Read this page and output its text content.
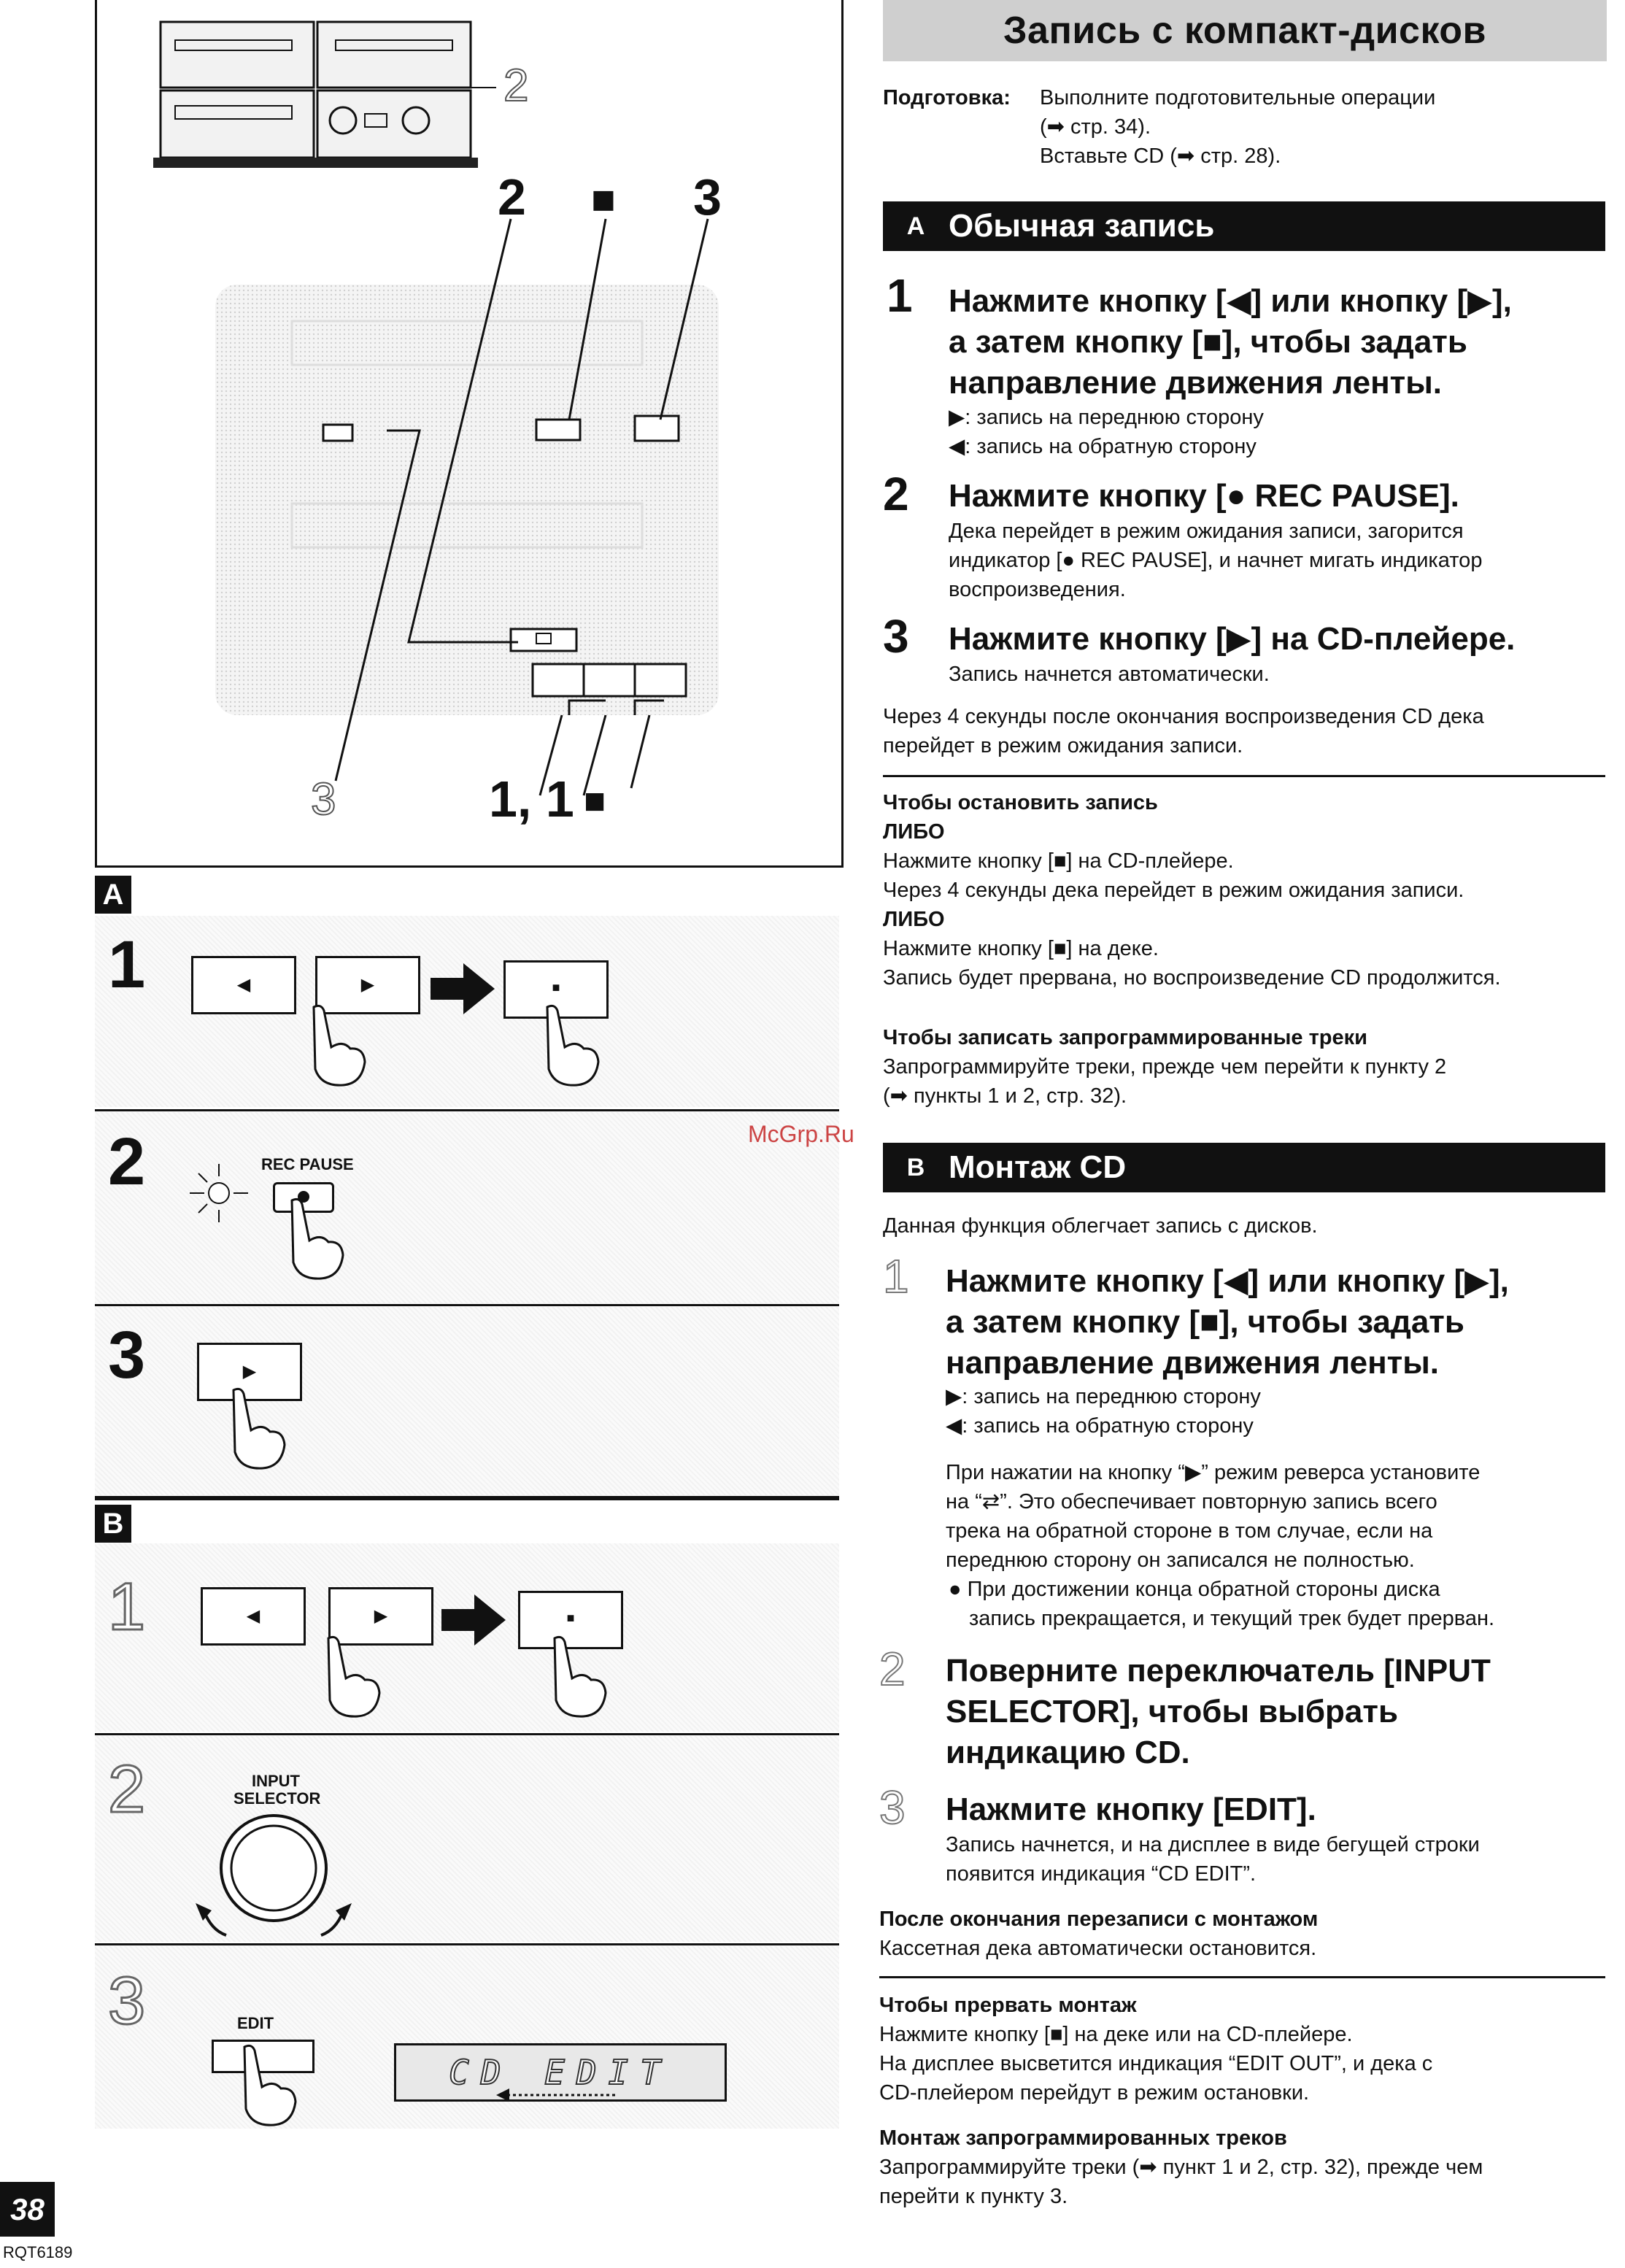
2
2 ■ 3
3	1, 1 ■
A
1	◀	▶	■
2	REC PAUSE
3	▶
B
1	◀	▶	■
2	INPUT
SELECTOR
3	EDIT
CD EDIT
38
RQT6189
McGrp.Ru
Запись с компакт-дисков
Подготовка: Выполните подготовительные операции
(➡ стр. 34).
Вставьте CD (➡ стр. 28).
A Обычная запись
1 Нажмите кнопку [◀] или кнопку [▶],
а затем кнопку [■], чтобы задать
направление движения ленты.
▶: запись на переднюю сторону
◀: запись на обратную сторону
2 Нажмите кнопку [● REC PAUSE].
Дека перейдет в режим ожидания записи, загорится
индикатор [● REC PAUSE], и начнет мигать индикатор
воспроизведения.
3 Нажмите кнопку [▶] на CD-плейере.
Запись начнется автоматически.
Через 4 секунды после окончания воспроизведения CD дека
перейдет в режим ожидания записи.
Чтобы остановить запись
ЛИБО
Нажмите кнопку [■] на CD-плейере.
Через 4 секунды дека перейдет в режим ожидания записи.
ЛИБО
Нажмите кнопку [■] на деке.
Запись будет прервана, но воспроизведение CD продолжится.
Чтобы записать запрограммированные треки
Запрограммируйте треки, прежде чем перейти к пункту 2
(➡ пункты 1 и 2, стр. 32).
B Монтаж CD
Данная функция облегчает запись с дисков.
1 Нажмите кнопку [◀] или кнопку [▶],
а затем кнопку [■], чтобы задать
направление движения ленты.
▶: запись на переднюю сторону
◀: запись на обратную сторону
При нажатии на кнопку “▶” режим реверса установите
на “⇄”. Это обеспечивает повторную запись всего
трека на обратной стороне в том случае, если на
переднюю сторону он записался не полностью.
● При достижении конца обратной стороны диска
запись прекращается, и текущий трек будет прерван.
2 Поверните переключатель [INPUT
SELECTOR], чтобы выбрать
индикацию CD.
3 Нажмите кнопку [EDIT].
Запись начнется, и на дисплее в виде бегущей строки
появится индикация “CD EDIT”.
После окончания перезаписи с монтажом
Кассетная дека автоматически остановится.
Чтобы прервать монтаж
Нажмите кнопку [■] на деке или на CD-плейере.
На дисплее высветится индикация “EDIT OUT”, и дека с
CD-плейером перейдут в режим остановки.
Монтаж запрограммированных треков
Запрограммируйте треки (➡ пункт 1 и 2, стр. 32), прежде чем
перейти к пункту 3.
